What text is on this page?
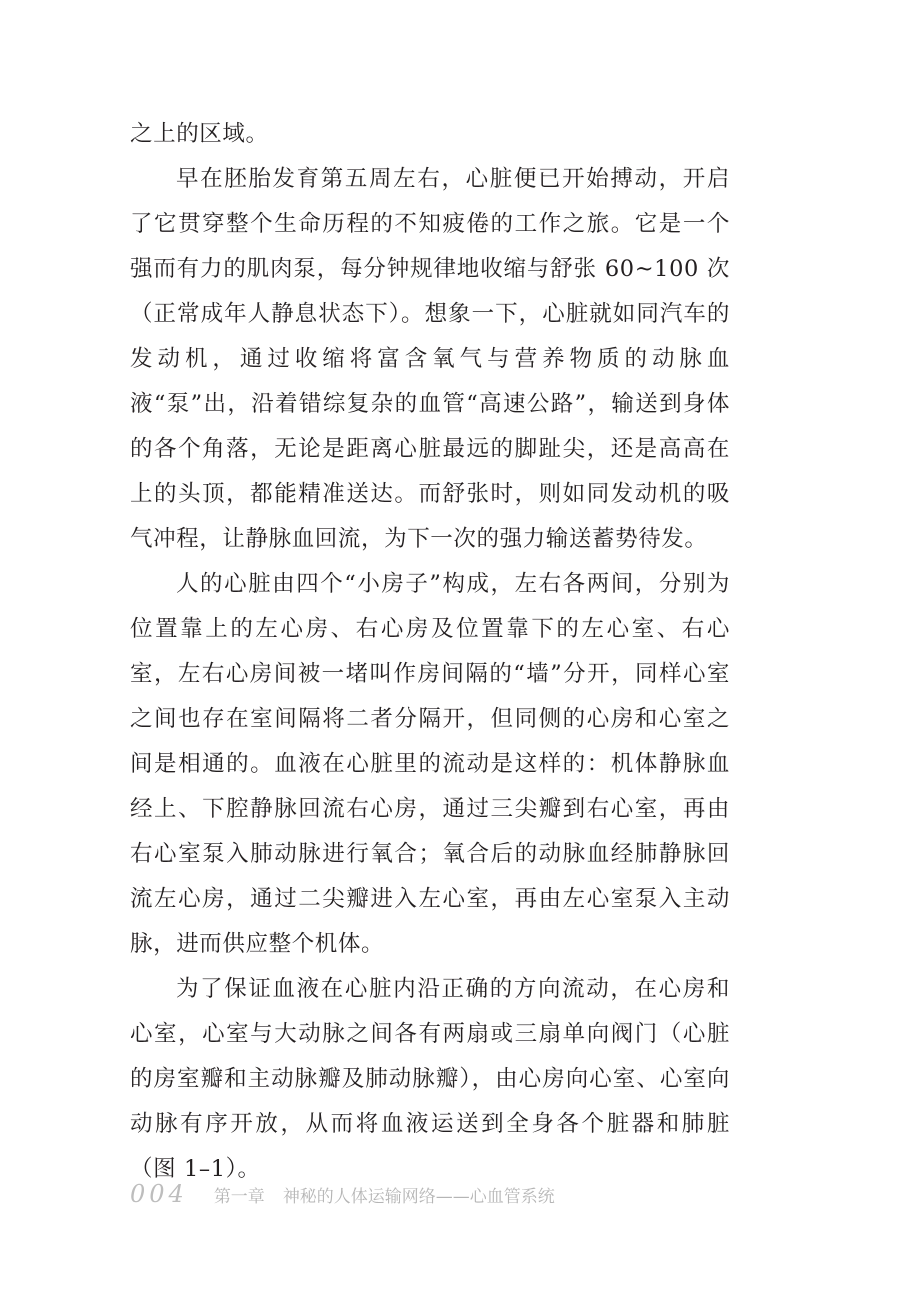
之上的区域。

早在胚胎发育第五周左右，心脏便已开始搏动，开启了它贯穿整个生命历程的不知疲倦的工作之旅。它是一个强而有力的肌肉泵，每分钟规律地收缩与舒张 60~100 次（正常成年人静息状态下）。想象一下，心脏就如同汽车的发动机，通过收缩将富含氧气与营养物质的动脉血液“泵”出，沿着错综复杂的血管“高速公路”，输送到身体的各个角落，无论是距离心脏最远的脚趾尖，还是高高在上的头顶，都能精准送达。而舒张时，则如同发动机的吸气冲程，让静脉血回流，为下一次的强力输送蓄势待发。

人的心脏由四个“小房子”构成，左右各两间，分别为位置靠上的左心房、右心房及位置靠下的左心室、右心室，左右心房间被一堵叫作房间隔的“墙”分开，同样心室之间也存在室间隔将二者分隔开，但同侧的心房和心室之间是相通的。血液在心脏里的流动是这样的：机体静脉血经上、下腔静脉回流右心房，通过三尖瓣到右心室，再由右心室泵入肺动脉进行氧合；氧合后的动脉血经肺静脉回流左心房，通过二尖瓣进入左心室，再由左心室泵入主动脉，进而供应整个机体。

为了保证血液在心脏内沿正确的方向流动，在心房和心室，心室与大动脉之间各有两扇或三扇单向阀门（心脏的房室瓣和主动脉瓣及肺动脉瓣），由心房向心室、心室向动脉有序开放，从而将血液运送到全身各个脏器和肺脏（图 1–1）。

004 第一章 神秘的人体运输网络——心血管系统
